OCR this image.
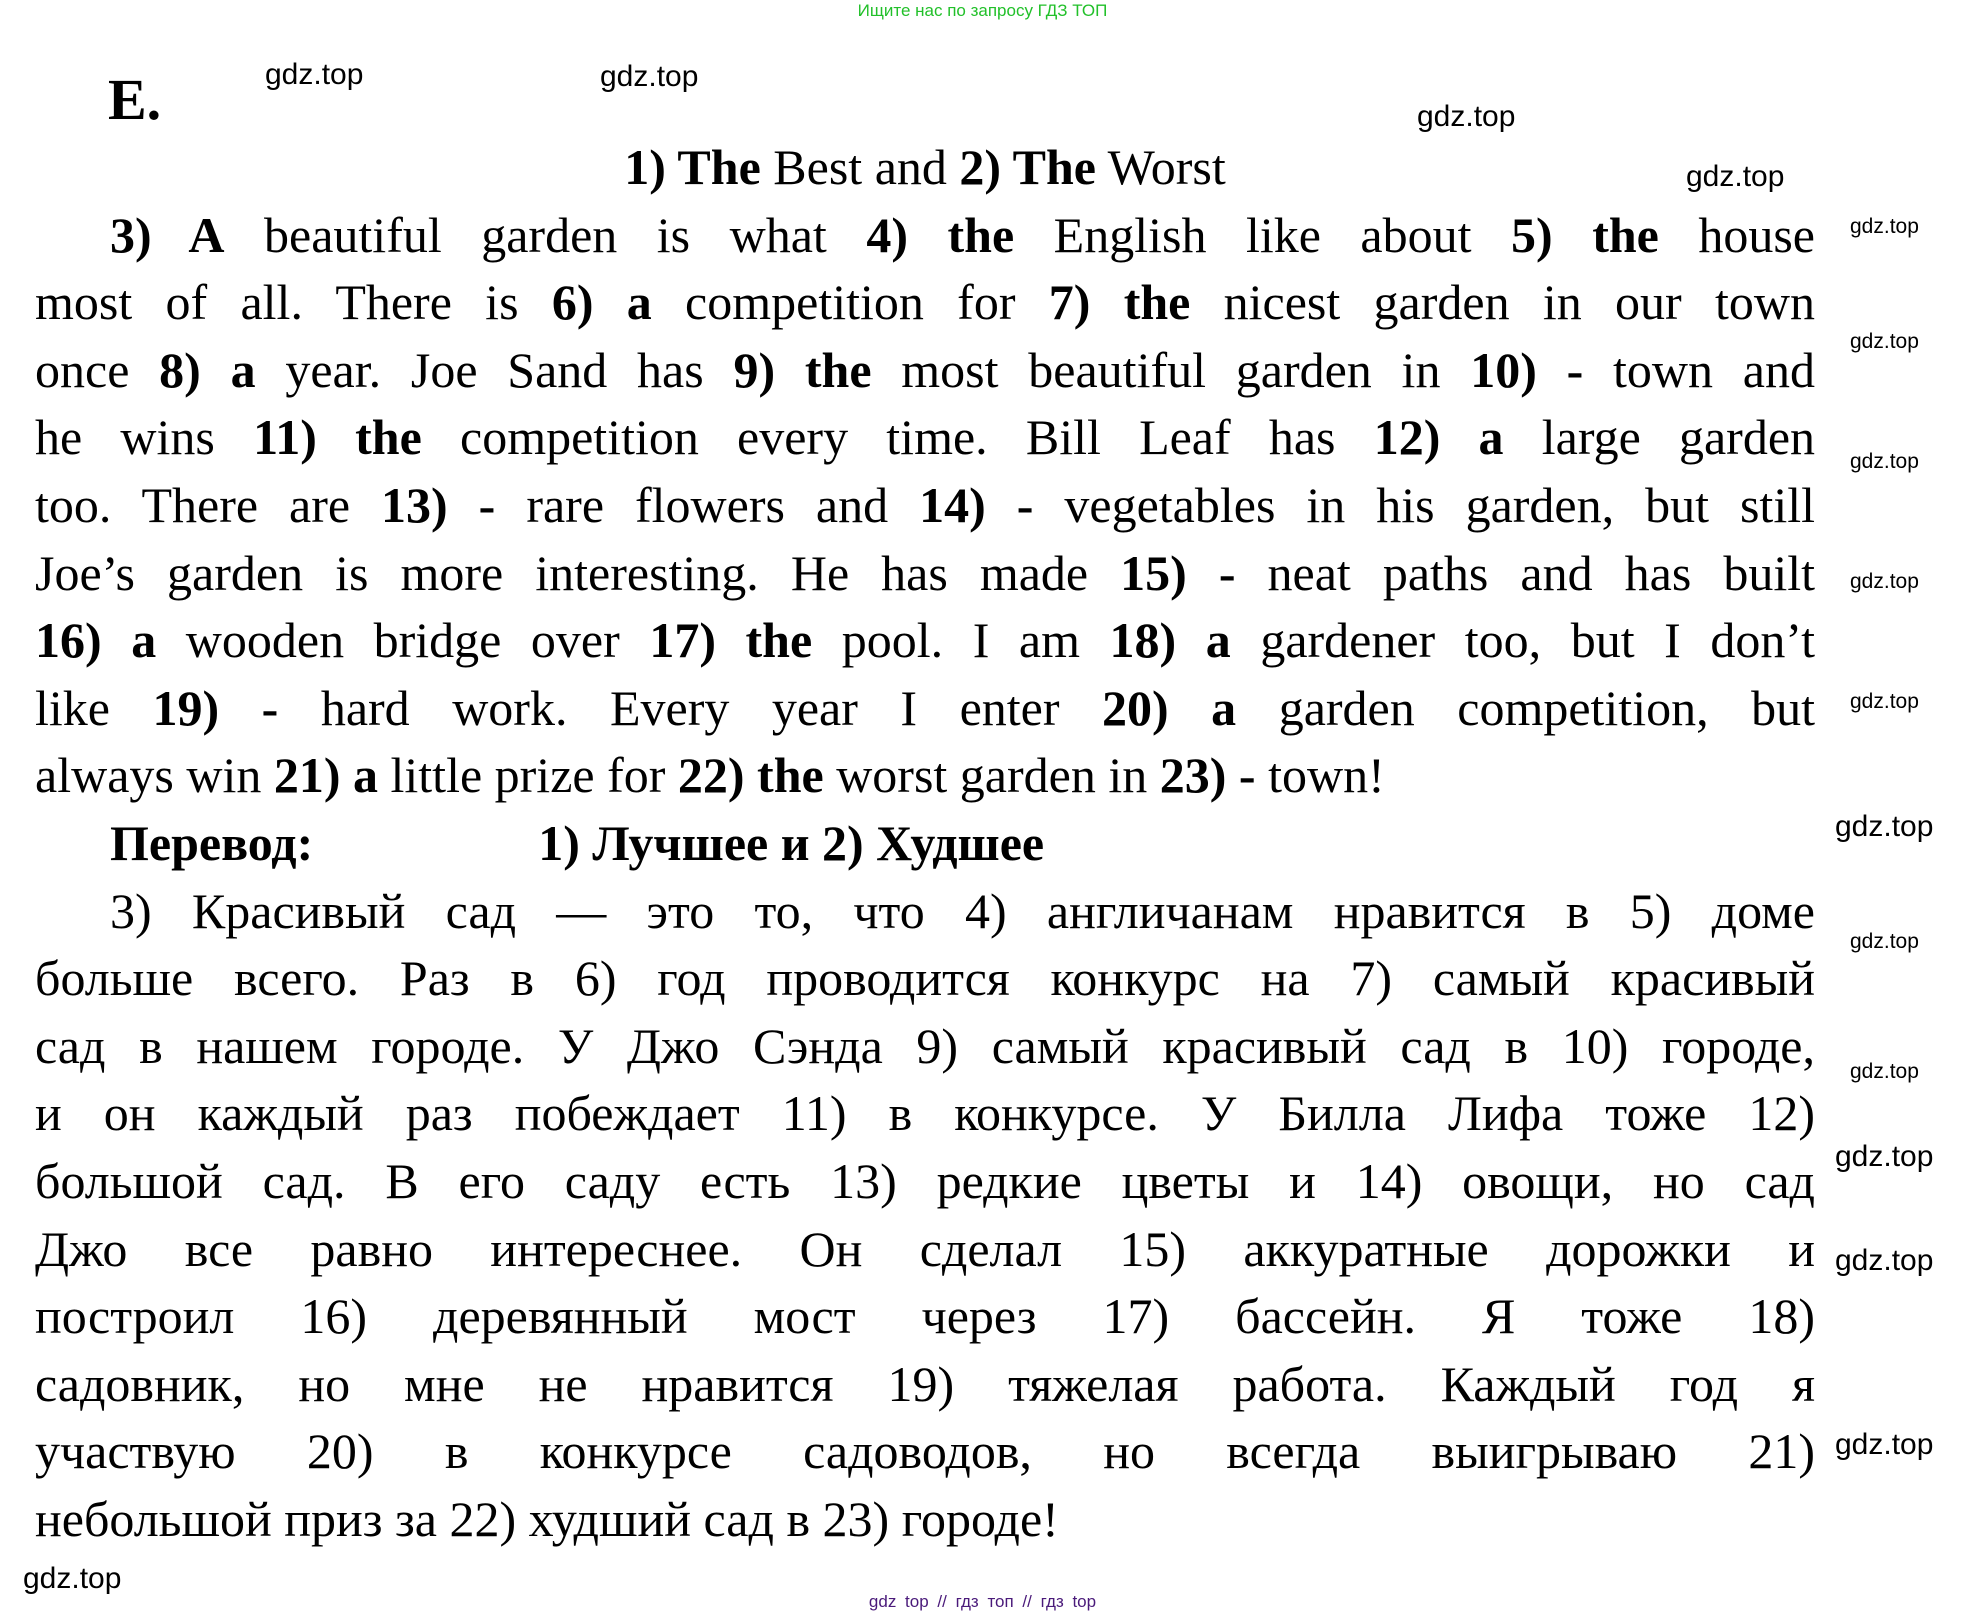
Ищите нас по запросу ГДЗ ТОП
E.
1) The Best and 2) The Worst
3) A beautiful garden is what 4) the English like about 5) the house
most of all. There is 6) a competition for 7) the nicest garden in our town
once 8) a year. Joe Sand has 9) the most beautiful garden in 10) - town and
he wins 11) the competition every time. Bill Leaf has 12) a large garden
too. There are 13) - rare flowers and 14) - vegetables in his garden, but still
Joe’s garden is more interesting. He has made 15) - neat paths and has built
16) a wooden bridge over 17) the pool. I am 18) a gardener too, but I don’t
like 19) - hard work. Every year I enter 20) a garden competition, but
always win 21) a little prize for 22) the worst garden in 23) - town!
Перевод:	1) Лучшее и 2) Худшее
3) Красивый сад — это то, что 4) англичанам нравится в 5) доме
больше всего. Раз в 6) год проводится конкурс на 7) самый красивый
сад в нашем городе. У Джо Сэнда 9) самый красивый сад в 10) городе,
и он каждый раз побеждает 11) в конкурсе. У Билла Лифа тоже 12)
большой сад. В его саду есть 13) редкие цветы и 14) овощи, но сад
Джо все равно интереснее. Он сделал 15) аккуратные дорожки и
построил 16) деревянный мост через 17) бассейн. Я тоже 18)
садовник, но мне не нравится 19) тяжелая работа. Каждый год я
участвую 20) в конкурсе садоводов, но всегда выигрываю 21)
небольшой приз за 22) худший сад в 23) городе!
gdz.top
gdz.top
gdz.top
gdz.top
gdz.top
gdz.top
gdz.top
gdz.top
gdz.top
gdz.top
gdz.top
gdz.top
gdz.top
gdz.top
gdz.top
gdz.top
gdz top // гдз топ // гдз top
